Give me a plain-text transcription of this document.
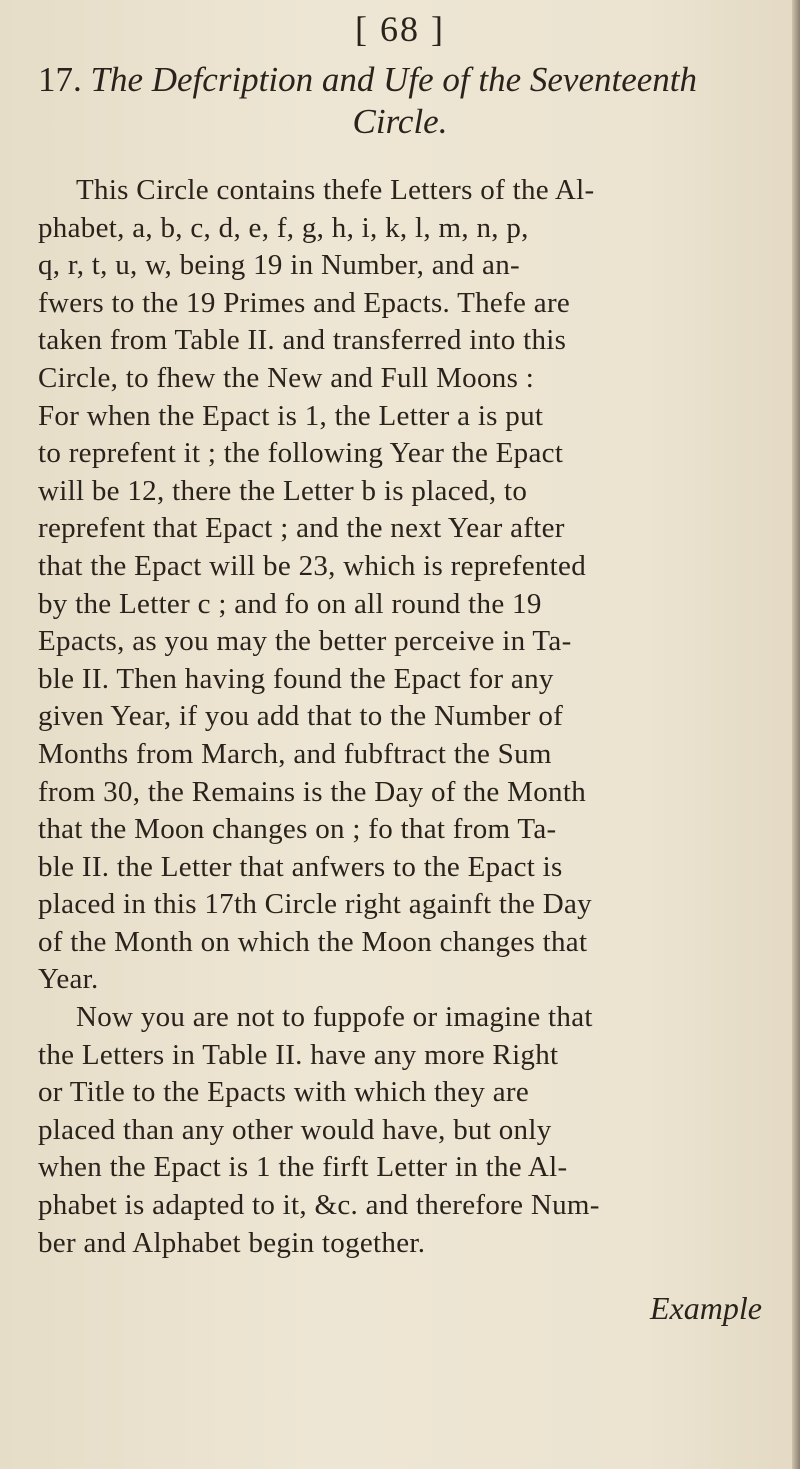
[ 68 ]
17. The Defcription and Ufe of the Seventeenth
Circle.
This Circle contains thefe Letters of the Al-
phabet, a, b, c, d, e, f, g, h, i, k, l, m, n, p,
q, r, t, u, w, being 19 in Number, and an-
fwers to the 19 Primes and Epacts. Thefe are
taken from Table II. and transferred into this
Circle, to fhew the New and Full Moons :
For when the Epact is 1, the Letter a is put
to reprefent it ; the following Year the Epact
will be 12, there the Letter b is placed, to
reprefent that Epact ; and the next Year after
that the Epact will be 23, which is reprefented
by the Letter c ; and fo on all round the 19
Epacts, as you may the better perceive in Ta-
ble II. Then having found the Epact for any
given Year, if you add that to the Number of
Months from March, and fubftract the Sum
from 30, the Remains is the Day of the Month
that the Moon changes on ; fo that from Ta-
ble II. the Letter that anfwers to the Epact is
placed in this 17th Circle right againft the Day
of the Month on which the Moon changes that
Year.
Now you are not to fuppofe or imagine that
the Letters in Table II. have any more Right
or Title to the Epacts with which they are
placed than any other would have, but only
when the Epact is 1 the firft Letter in the Al-
phabet is adapted to it, &c. and therefore Num-
ber and Alphabet begin together.
Example
